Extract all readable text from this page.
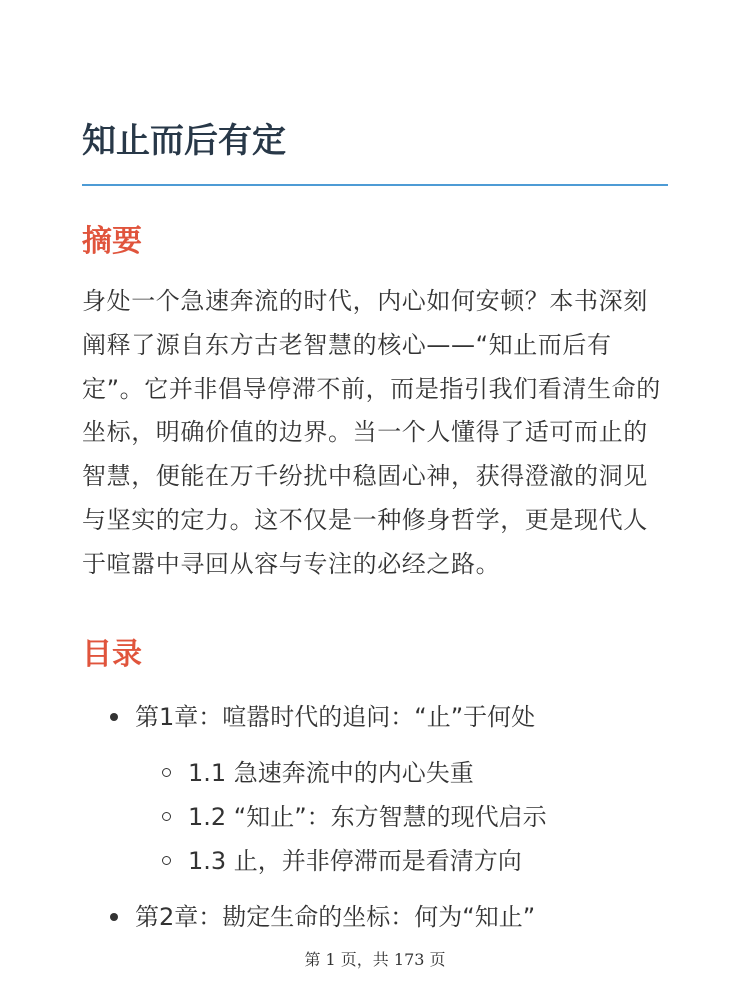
知止而后有定
摘要

身处一个急速奔流的时代，内心如何安顿？本书深刻阐释了源自东方古老智慧的核心——“知止而后有定”。它并非倡导停滞不前，而是指引我们看清生命的坐标，明确价值的边界。当一个人懂得了适可而止的智慧，便能在万千纷扰中稳固心神，获得澄澈的洞见与坚实的定力。这不仅是一种修身哲学，更是现代人于喧嚣中寻回从容与专注的必经之路。

目录
第1章：喧嚣时代的追问：“止”于何处
1.1 急速奔流中的内心失重
1.2 “知止”：东方智慧的现代启示
1.3 止，并非停滞而是看清方向
第2章：勘定生命的坐标：何为“知止”
第 1 页，共 173 页
